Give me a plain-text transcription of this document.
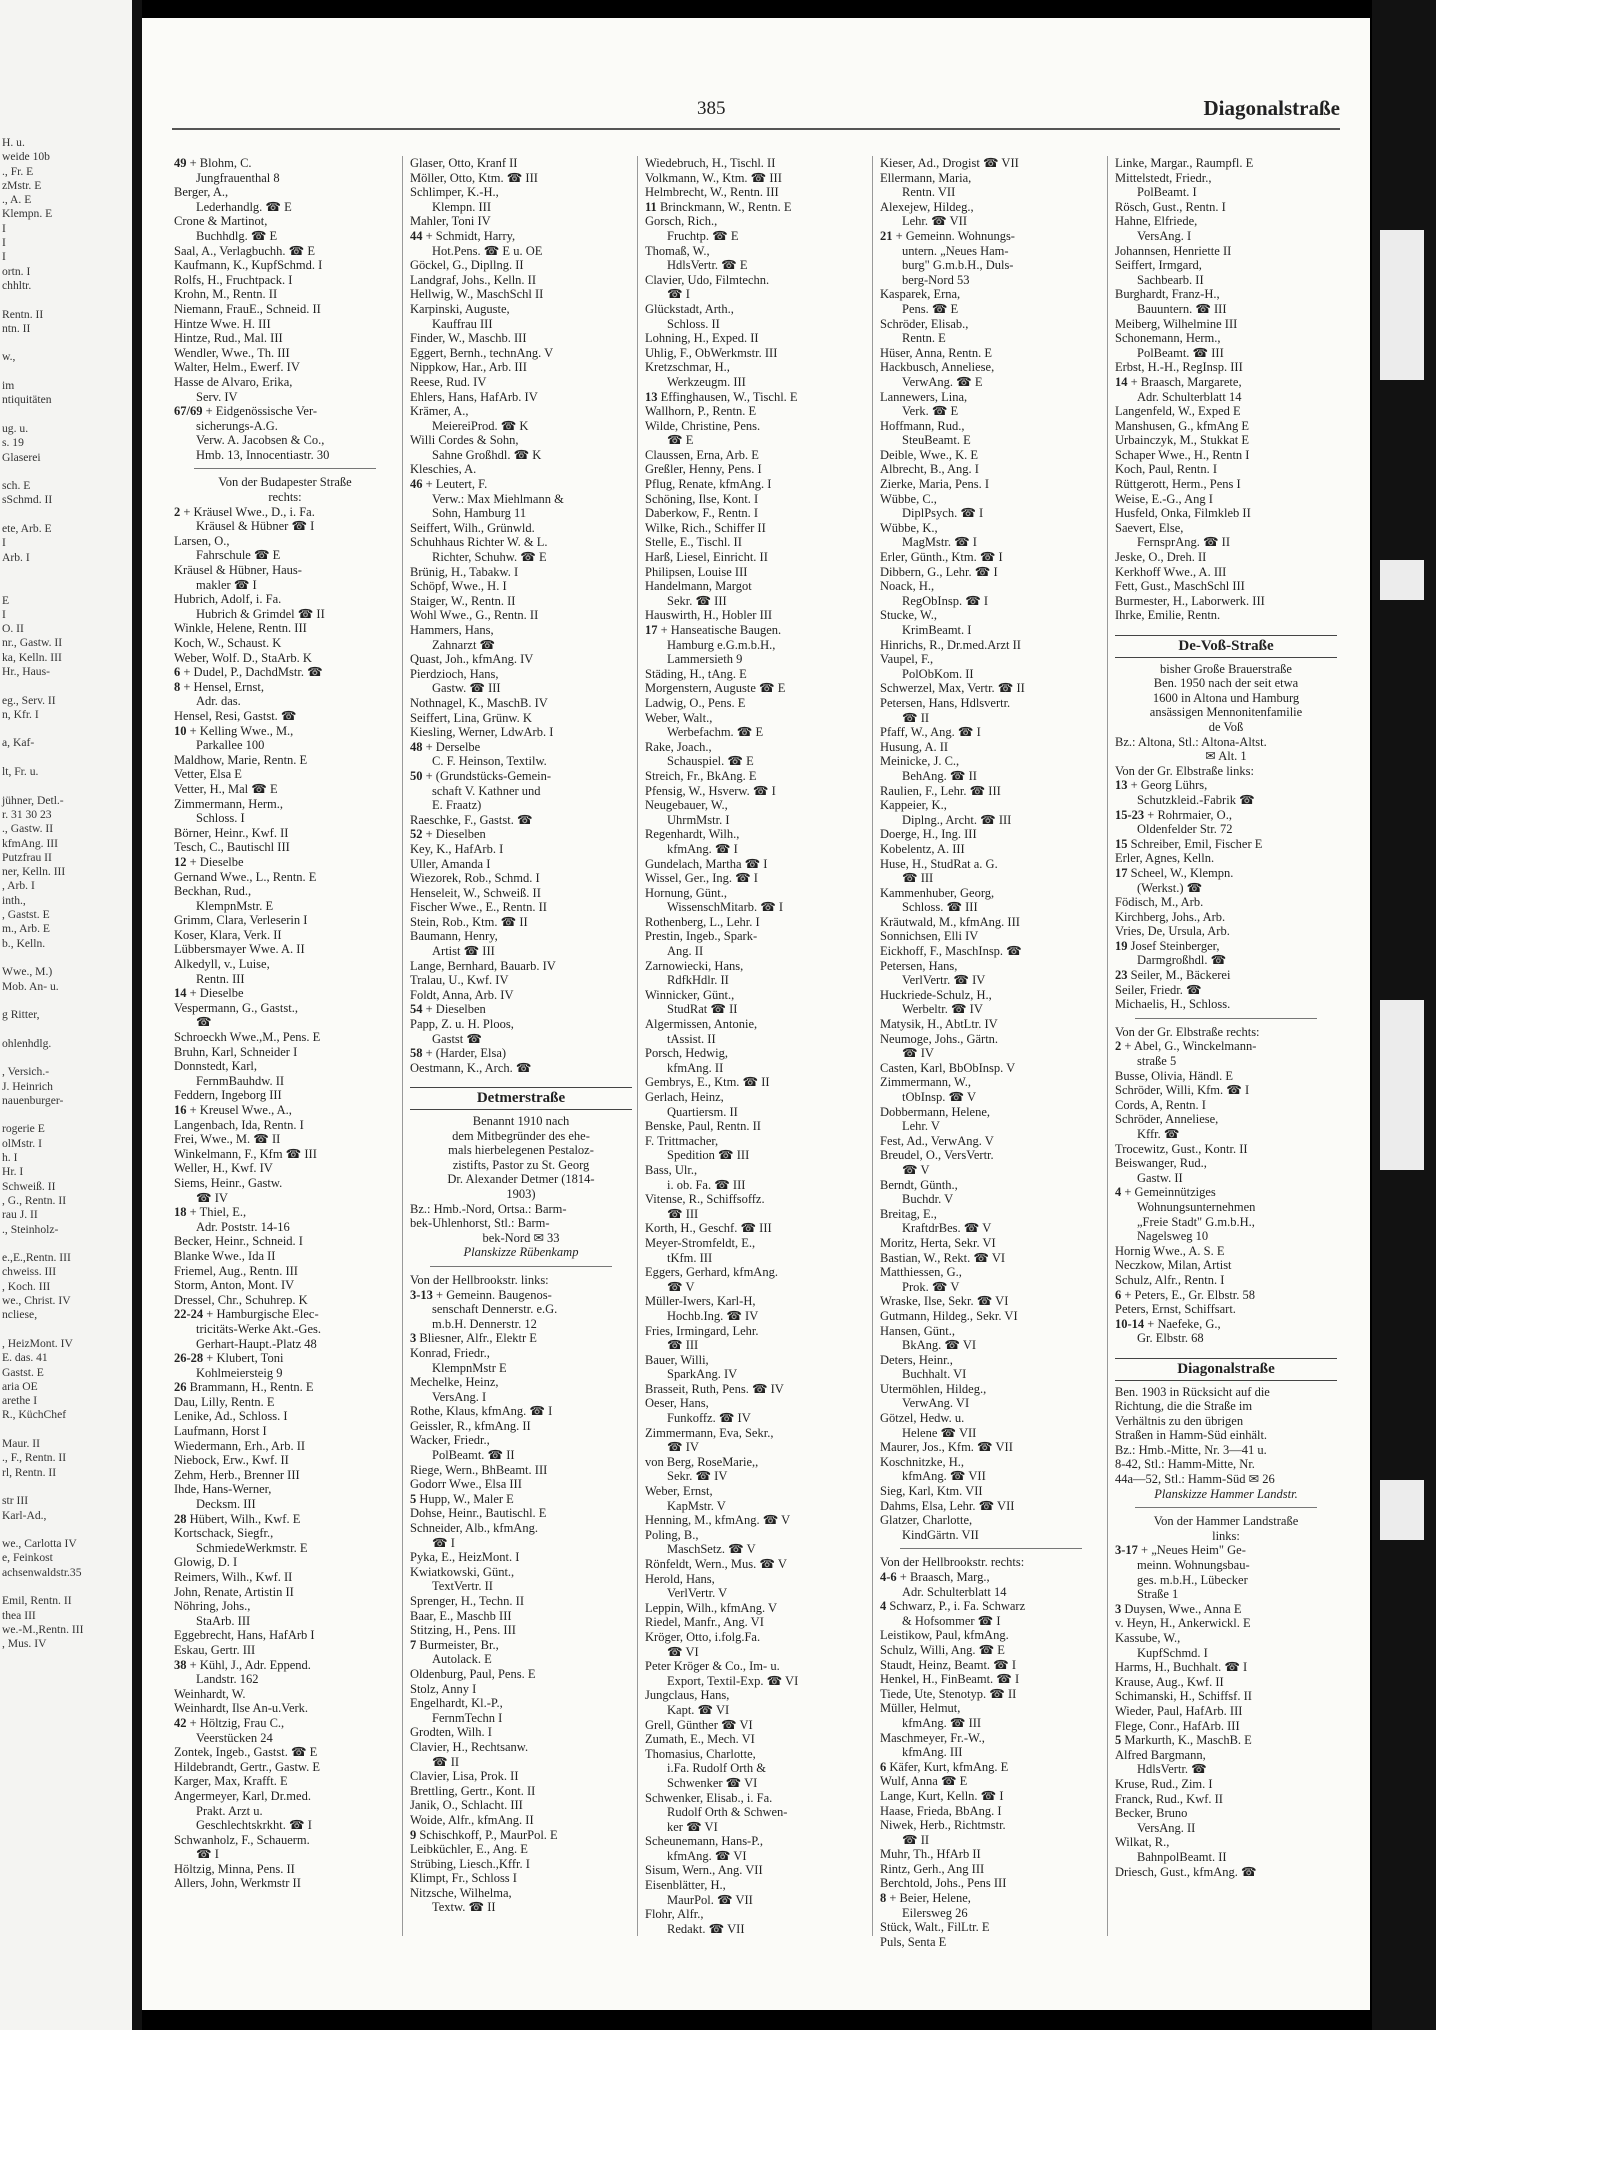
H. u.
weide 10b
., Fr. E
zMstr. E
., A. E
Klempn. E
I
I
I
ortn. I
chhltr.

Rentn. II
ntn. II

w.,

im
ntiquitäten

ug. u.
s. 19
Glaserei

sch. E
sSchmd. II

ete, Arb. E
I
Arb. I

E
I
O. II
nr., Gastw. II
ka, Kelln. III
Hr., Haus-

eg., Serv. II
n, Kfr. I

a, Kaf-

lt, Fr. u.

jühner, Detl.-
r. 31 30 23
., Gastw. II
kfmAng. III
Putzfrau II
ner, Kelln. III
, Arb. I
inth.,
, Gastst. E
m., Arb. E
b., Kelln.

Wwe., M.)
Mob. An- u.

g Ritter,

ohlenhdlg.

, Versich.-
J. Heinrich
nauenburger-

rogerie E
olMstr. I
h. I
Hr. I
Schweiß. II
, G., Rentn. II
rau J. II
., Steinholz-

e.,E.,Rentn. III
chweiss. III
, Koch. III
we., Christ. IV
ncliese,

, HeizMont. IV
E. das. 41
Gastst. E
aria OE
arethe I
R., KüchChef

Maur. II
., F., Rentn. II
rl, Rentn. II

str III
Karl-Ad.,

we., Carlotta IV
e, Feinkost
achsenwaldstr.35

Emil, Rentn. II
thea III
we.-M.,Rentn. III
, Mus. IV
385	Diagonalstraße
49 + Blohm, C.
Jungfrauenthal 8
Berger, A.,
Lederhandlg. ☎ E
Crone & Martinot,
Buchhdlg. ☎ E
Saal, A., Verlagbuchh. ☎ E
Kaufmann, K., KupfSchmd. I
Rolfs, H., Fruchtpack. I
Krohn, M., Rentn. II
Niemann, FrauE., Schneid. II
Hintze Wwe. H. III
Hintze, Rud., Mal. III
Wendler, Wwe., Th. III
Walter, Helm., Ewerf. IV
Hasse de Alvaro, Erika,
Serv. IV
67/69 + Eidgenössische Ver-
sicherungs-A.G.
Verw. A. Jacobsen & Co.,
Hmb. 13, Innocentiastr. 30
Von der Budapester Straße
rechts:
2 + Kräusel Wwe., D., i. Fa.
Kräusel & Hübner ☎ I
Larsen, O.,
Fahrschule ☎ E
Kräusel & Hübner, Haus-
makler ☎ I
Hubrich, Adolf, i. Fa.
Hubrich & Grimdel ☎ II
Winkle, Helene, Rentn. III
Koch, W., Schaust. K
Weber, Wolf. D., StaArb. K
6 + Dudel, P., DachdMstr. ☎
8 + Hensel, Ernst,
Adr. das.
Hensel, Resi, Gastst. ☎
10 + Kelling Wwe., M.,
Parkallee 100
Maldhow, Marie, Rentn. E
Vetter, Elsa E
Vetter, H., Mal ☎ E
Zimmermann, Herm.,
Schloss. I
Börner, Heinr., Kwf. II
Tesch, C., Bautischl III
12 + Dieselbe
Gernand Wwe., L., Rentn. E
Beckhan, Rud.,
KlempnMstr. E
Grimm, Clara, Verleserin I
Koser, Klara, Verk. II
Lübbersmayer Wwe. A. II
Alkedyll, v., Luise,
Rentn. III
14 + Dieselbe
Vespermann, G., Gastst.,
☎
Schroeckh Wwe.,M., Pens. E
Bruhn, Karl, Schneider I
Donnstedt, Karl,
FernmBauhdw. II
Feddern, Ingeborg III
16 + Kreusel Wwe., A.,
Langenbach, Ida, Rentn. I
Frei, Wwe., M. ☎ II
Winkelmann, F., Kfm ☎ III
Weller, H., Kwf. IV
Siems, Heinr., Gastw.
☎ IV
18 + Thiel, E.,
Adr. Poststr. 14-16
Becker, Heinr., Schneid. I
Blanke Wwe., Ida II
Friemel, Aug., Rentn. III
Storm, Anton, Mont. IV
Dressel, Chr., Schuhrep. K
22-24 + Hamburgische Elec-
tricitäts-Werke Akt.-Ges.
Gerhart-Haupt.-Platz 48
26-28 + Klubert, Toni
Kohlmeiersteig 9
26 Brammann, H., Rentn. E
Dau, Lilly, Rentn. E
Lenike, Ad., Schloss. I
Laufmann, Horst I
Wiedermann, Erh., Arb. II
Niebock, Erw., Kwf. II
Zehm, Herb., Brenner III
Ihde, Hans-Werner,
Decksm. III
28 Hübert, Wilh., Kwf. E
Kortschack, Siegfr.,
SchmiedeWerkmstr. E
Glowig, D. I
Reimers, Wilh., Kwf. II
John, Renate, Artistin II
Nöhring, Johs.,
StaArb. III
Eggebrecht, Hans, HafArb I
Eskau, Gertr. III
38 + Kühl, J., Adr. Eppend.
Landstr. 162
Weinhardt, W.
Weinhardt, Ilse An-u.Verk.
42 + Höltzig, Frau C.,
Veerstücken 24
Zontek, Ingeb., Gastst. ☎ E
Hildebrandt, Gertr., Gastw. E
Karger, Max, Krafft. E
Angermeyer, Karl, Dr.med.
Prakt. Arzt u.
Geschlechtskrkht. ☎ I
Schwanholz, F., Schauerm.
☎ I
Höltzig, Minna, Pens. II
Allers, John, Werkmstr II
Glaser, Otto, Kranf II
Möller, Otto, Ktm. ☎ III
Schlimper, K.-H.,
Klempn. III
Mahler, Toni IV
44 + Schmidt, Harry,
Hot.Pens. ☎ E u. OE
Göckel, G., Dipllng. II
Landgraf, Johs., Kelln. II
Hellwig, W., MaschSchl II
Karpinski, Auguste,
Kauffrau III
Finder, W., Maschb. III
Eggert, Bernh., technAng. V
Nippkow, Har., Arb. III
Reese, Rud. IV
Ehlers, Hans, HafArb. IV
Krämer, A.,
MeiereiProd. ☎ K
Willi Cordes & Sohn,
Sahne Großhdl. ☎ K
Kleschies, A.
46 + Leutert, F.
Verw.: Max Miehlmann &
Sohn, Hamburg 11
Seiffert, Wilh., Grünwld.
Schuhhaus Richter W. & L.
Richter, Schuhw. ☎ E
Brünig, H., Tabakw. I
Schöpf, Wwe., H. I
Staiger, W., Rentn. II
Wohl Wwe., G., Rentn. II
Hammers, Hans,
Zahnarzt ☎
Quast, Joh., kfmAng. IV
Pierdzioch, Hans,
Gastw. ☎ III
Nothnagel, K., MaschB. IV
Seiffert, Lina, Grünw. K
Kiesling, Werner, LdwArb. I
48 + Derselbe
C. F. Heinson, Textilw.
50 + (Grundstücks-Gemein-
schaft V. Kathner und
E. Fraatz)
Raeschke, F., Gastst. ☎
52 + Dieselben
Key, K., HafArb. I
Uller, Amanda I
Wiezorek, Rob., Schmd. I
Henseleit, W., Schweiß. II
Fischer Wwe., E., Rentn. II
Stein, Rob., Ktm. ☎ II
Baumann, Henry,
Artist ☎ III
Lange, Bernhard, Bauarb. IV
Tralau, U., Kwf. IV
Foldt, Anna, Arb. IV
54 + Dieselben
Papp, Z. u. H. Ploos,
Gastst ☎
58 + (Harder, Elsa)
Oestmann, K., Arch. ☎
Detmerstraße
Benannt 1910 nach
dem Mitbegründer des ehe-
mals hierbelegenen Pestaloz-
zistifts, Pastor zu St. Georg
Dr. Alexander Detmer (1814-
1903)
Bz.: Hmb.-Nord, Ortsa.: Barm-
bek-Uhlenhorst, Stl.: Barm-
bek-Nord ✉ 33
Planskizze Rübenkamp
Von der Hellbrookstr. links:
3-13 + Gemeinn. Baugenos-
senschaft Dennerstr. e.G.
m.b.H. Dennerstr. 12
3 Bliesner, Alfr., Elektr E
Konrad, Friedr.,
KlempnMstr E
Mechelke, Heinz,
VersAng. I
Rothe, Klaus, kfmAng. ☎ I
Geissler, R., kfmAng. II
Wacker, Friedr.,
PolBeamt. ☎ II
Riege, Wern., BhBeamt. III
Godorr Wwe., Elsa III
5 Hupp, W., Maler E
Dohse, Heinr., Bautischl. E
Schneider, Alb., kfmAng.
☎ I
Pyka, E., HeizMont. I
Kwiatkowski, Günt.,
TextVertr. II
Sprenger, H., Techn. II
Baar, E., Maschb III
Stitzing, H., Pens. III
7 Burmeister, Br.,
Autolack. E
Oldenburg, Paul, Pens. E
Stolz, Anny I
Engelhardt, Kl.-P.,
FernmTechn I
Grodten, Wilh. I
Clavier, H., Rechtsanw.
☎ II
Clavier, Lisa, Prok. II
Brettling, Gertr., Kont. II
Janik, O., Schlacht. III
Woide, Alfr., kfmAng. II
9 Schischkoff, P., MaurPol. E
Leibküchler, E., Ang. E
Strübing, Liesch.,Kffr. I
Klimpt, Fr., Schloss I
Nitzsche, Wilhelma,
Textw. ☎ II
Wiedebruch, H., Tischl. II
Volkmann, W., Ktm. ☎ III
Helmbrecht, W., Rentn. III
11 Brinckmann, W., Rentn. E
Gorsch, Rich.,
Fruchtp. ☎ E
Thomaß, W.,
HdlsVertr. ☎ E
Clavier, Udo, Filmtechn.
☎ I
Glückstadt, Arth.,
Schloss. II
Lohning, H., Exped. II
Uhlig, F., ObWerkmstr. III
Kretzschmar, H.,
Werkzeugm. III
13 Effinghausen, W., Tischl. E
Wallhorn, P., Rentn. E
Wilde, Christine, Pens.
☎ E
Claussen, Erna, Arb. E
Greßler, Henny, Pens. I
Pflug, Renate, kfmAng. I
Schöning, Ilse, Kont. I
Daberkow, F., Rentn. I
Wilke, Rich., Schiffer II
Stelle, E., Tischl. II
Harß, Liesel, Einricht. II
Philipsen, Louise III
Handelmann, Margot
Sekr. ☎ III
Hauswirth, H., Hobler III
17 + Hanseatische Baugen.
Hamburg e.G.m.b.H.,
Lammersieth 9
Städing, H., tAng. E
Morgenstern, Auguste ☎ E
Ladwig, O., Pens. E
Weber, Walt.,
Werbefachm. ☎ E
Rake, Joach.,
Schauspiel. ☎ E
Streich, Fr., BkAng. E
Pfensig, W., Hsverw. ☎ I
Neugebauer, W.,
UhrmMstr. I
Regenhardt, Wilh.,
kfmAng. ☎ I
Gundelach, Martha ☎ I
Wissel, Ger., Ing. ☎ I
Hornung, Günt.,
WissenschMitarb. ☎ I
Rothenberg, L., Lehr. I
Prestin, Ingeb., Spark-
Ang. II
Zarnowiecki, Hans,
RdfkHdlr. II
Winnicker, Günt.,
StudRat ☎ II
Algermissen, Antonie,
tAssist. II
Porsch, Hedwig,
kfmAng. II
Gembrys, E., Ktm. ☎ II
Gerlach, Heinz,
Quartiersm. II
Benske, Paul, Rentn. II
F. Trittmacher,
Spedition ☎ III
Bass, Ulr.,
i. ob. Fa. ☎ III
Vitense, R., Schiffsoffz.
☎ III
Korth, H., Geschf. ☎ III
Meyer-Stromfeldt, E.,
tKfm. III
Eggers, Gerhard, kfmAng.
☎ V
Müller-Iwers, Karl-H,
Hochb.Ing. ☎ IV
Fries, Irmingard, Lehr.
☎ III
Bauer, Willi,
SparkAng. IV
Brasseit, Ruth, Pens. ☎ IV
Oeser, Hans,
Funkoffz. ☎ IV
Zimmermann, Eva, Sekr.,
☎ IV
von Berg, RoseMarie,,
Sekr. ☎ IV
Weber, Ernst,
KapMstr. V
Henning, M., kfmAng. ☎ V
Poling, B.,
MaschSetz. ☎ V
Rönfeldt, Wern., Mus. ☎ V
Herold, Hans,
VerlVertr. V
Leppin, Wilh., kfmAng. V
Riedel, Manfr., Ang. VI
Kröger, Otto, i.folg.Fa.
☎ VI
Peter Kröger & Co., Im- u.
Export, Textil-Exp. ☎ VI
Jungclaus, Hans,
Kapt. ☎ VI
Grell, Günther ☎ VI
Zumath, E., Mech. VI
Thomasius, Charlotte,
i.Fa. Rudolf Orth &
Schwenker ☎ VI
Schwenker, Elisab., i. Fa.
Rudolf Orth & Schwen-
ker ☎ VI
Scheunemann, Hans-P.,
kfmAng. ☎ VI
Sisum, Wern., Ang. VII
Eisenblätter, H.,
MaurPol. ☎ VII
Flohr, Alfr.,
Redakt. ☎ VII
Kieser, Ad., Drogist ☎ VII
Ellermann, Maria,
Rentn. VII
Alexejew, Hildeg.,
Lehr. ☎ VII
21 + Gemeinn. Wohnungs-
untern. „Neues Ham-
burg" G.m.b.H., Duls-
berg-Nord 53
Kasparek, Erna,
Pens. ☎ E
Schröder, Elisab.,
Rentn. E
Hüser, Anna, Rentn. E
Hackbusch, Anneliese,
VerwAng. ☎ E
Lannewers, Lina,
Verk. ☎ E
Hoffmann, Rud.,
SteuBeamt. E
Deible, Wwe., K. E
Albrecht, B., Ang. I
Zierke, Maria, Pens. I
Wübbe, C.,
DiplPsych. ☎ I
Wübbe, K.,
MagMstr. ☎ I
Erler, Günth., Ktm. ☎ I
Dibbern, G., Lehr. ☎ I
Noack, H.,
RegObInsp. ☎ I
Stucke, W.,
KrimBeamt. I
Hinrichs, R., Dr.med.Arzt II
Vaupel, F.,
PolObKom. II
Schwerzel, Max, Vertr. ☎ II
Petersen, Hans, Hdlsvertr.
☎ II
Pfaff, W., Ang. ☎ I
Husung, A. II
Meinicke, J. C.,
BehAng. ☎ II
Raulien, F., Lehr. ☎ III
Kappeier, K.,
Diplng., Archt. ☎ III
Doerge, H., Ing. III
Kobelentz, A. III
Huse, H., StudRat a. G.
☎ III
Kammenhuber, Georg,
Schloss. ☎ III
Kräutwald, M., kfmAng. III
Sonnichsen, Elli IV
Eickhoff, F., MaschInsp. ☎
Petersen, Hans,
VerlVertr. ☎ IV
Huckriede-Schulz, H.,
Werbeltr. ☎ IV
Matysik, H., AbtLtr. IV
Neumoge, Johs., Gärtn.
☎ IV
Casten, Karl, BbObInsp. V
Zimmermann, W.,
tObInsp. ☎ V
Dobbermann, Helene,
Lehr. V
Fest, Ad., VerwAng. V
Breudel, O., VersVertr.
☎ V
Berndt, Günth.,
Buchdr. V
Breitag, E.,
KraftdrBes. ☎ V
Moritz, Herta, Sekr. VI
Bastian, W., Rekt. ☎ VI
Matthiessen, G.,
Prok. ☎ V
Wraske, Ilse, Sekr. ☎ VI
Gutmann, Hildeg., Sekr. VI
Hansen, Günt.,
BkAng. ☎ VI
Deters, Heinr.,
Buchhalt. VI
Utermöhlen, Hildeg.,
VerwAng. VI
Götzel, Hedw. u.
Helene ☎ VII
Maurer, Jos., Kfm. ☎ VII
Koschnitzke, H.,
kfmAng. ☎ VII
Sieg, Karl, Ktm. VII
Dahms, Elsa, Lehr. ☎ VII
Glatzer, Charlotte,
KindGärtn. VII
Von der Hellbrookstr. rechts:
4-6 + Braasch, Marg.,
Adr. Schulterblatt 14
4 Schwarz, P., i. Fa. Schwarz
& Hofsommer ☎ I
Leistikow, Paul, kfmAng.
Schulz, Willi, Ang. ☎ E
Staudt, Heinz, Beamt. ☎ I
Henkel, H., FinBeamt. ☎ I
Tiede, Ute, Stenotyp. ☎ II
Müller, Helmut,
kfmAng. ☎ III
Maschmeyer, Fr.-W.,
kfmAng. III
6 Käfer, Kurt, kfmAng. E
Wulf, Anna ☎ E
Lange, Kurt, Kelln. ☎ I
Haase, Frieda, BbAng. I
Niwek, Herb., Richtmstr.
☎ II
Muhr, Th., HfArb II
Rintz, Gerh., Ang III
Berchtold, Johs., Pens III
8 + Beier, Helene,
Eilersweg 26
Stück, Walt., FilLtr. E
Puls, Senta E
Linke, Margar., Raumpfl. E
Mittelstedt, Friedr.,
PolBeamt. I
Rösch, Gust., Rentn. I
Hahne, Elfriede,
VersAng. I
Johannsen, Henriette II
Seiffert, Irmgard,
Sachbearb. II
Burghardt, Franz-H.,
Bauuntern. ☎ III
Meiberg, Wilhelmine III
Schonemann, Herm.,
PolBeamt. ☎ III
Erbst, H.-H., RegInsp. III
14 + Braasch, Margarete,
Adr. Schulterblatt 14
Langenfeld, W., Exped E
Manshusen, G., kfmAng E
Urbainczyk, M., Stukkat E
Schaper Wwe., H., Rentn I
Koch, Paul, Rentn. I
Rüttgerott, Herm., Pens I
Weise, E.-G., Ang I
Husfeld, Onka, Filmkleb II
Saevert, Else,
FernsprAng. ☎ II
Jeske, O., Dreh. II
Kerkhoff Wwe., A. III
Fett, Gust., MaschSchl III
Burmester, H., Laborwerk. III
Ihrke, Emilie, Rentn.
De-Voß-Straße
bisher Große Brauerstraße
Ben. 1950 nach der seit etwa
1600 in Altona und Hamburg
ansässigen Mennonitenfamilie
de Voß
Bz.: Altona, Stl.: Altona-Altst.
✉ Alt. 1
Von der Gr. Elbstraße links:
13 + Georg Lührs,
Schutzkleid.-Fabrik ☎
15-23 + Rohrmaier, O.,
Oldenfelder Str. 72
15 Schreiber, Emil, Fischer E
Erler, Agnes, Kelln.
17 Scheel, W., Klempn.
(Werkst.) ☎
Födisch, M., Arb.
Kirchberg, Johs., Arb.
Vries, De, Ursula, Arb.
19 Josef Steinberger,
Darmgroßhdl. ☎
23 Seiler, M., Bäckerei
Seiler, Friedr. ☎
Michaelis, H., Schloss.
Von der Gr. Elbstraße rechts:
2 + Abel, G., Winckelmann-
straße 5
Busse, Olivia, Händl. E
Schröder, Willi, Kfm. ☎ I
Cords, A, Rentn. I
Schröder, Anneliese,
Kffr. ☎
Trocewitz, Gust., Kontr. II
Beiswanger, Rud.,
Gastw. II
4 + Gemeinnütziges
Wohnungsunternehmen
„Freie Stadt" G.m.b.H.,
Nagelsweg 10
Hornig Wwe., A. S. E
Neczkow, Milan, Artist
Schulz, Alfr., Rentn. I
6 + Peters, E., Gr. Elbstr. 58
Peters, Ernst, Schiffsart.
10-14 + Naefeke, G.,
Gr. Elbstr. 68
Diagonalstraße
Ben. 1903 in Rücksicht auf die
Richtung, die die Straße im
Verhältnis zu den übrigen
Straßen in Hamm-Süd einhält.
Bz.: Hmb.-Mitte, Nr. 3—41 u.
8-42, Stl.: Hamm-Mitte, Nr.
44a—52, Stl.: Hamm-Süd ✉ 26
Planskizze Hammer Landstr.
Von der Hammer Landstraße
links:
3-17 + „Neues Heim" Ge-
meinn. Wohnungsbau-
ges. m.b.H., Lübecker
Straße 1
3 Duysen, Wwe., Anna E
v. Heyn, H., Ankerwickl. E
Kassube, W.,
KupfSchmd. I
Harms, H., Buchhalt. ☎ I
Krause, Aug., Kwf. II
Schimanski, H., Schiffsf. II
Wieder, Paul, HafArb. III
Flege, Conr., HafArb. III
5 Markurth, K., MaschB. E
Alfred Bargmann,
HdlsVertr. ☎
Kruse, Rud., Zim. I
Franck, Rud., Kwf. II
Becker, Bruno
VersAng. II
Wilkat, R.,
BahnpolBeamt. II
Driesch, Gust., kfmAng. ☎
